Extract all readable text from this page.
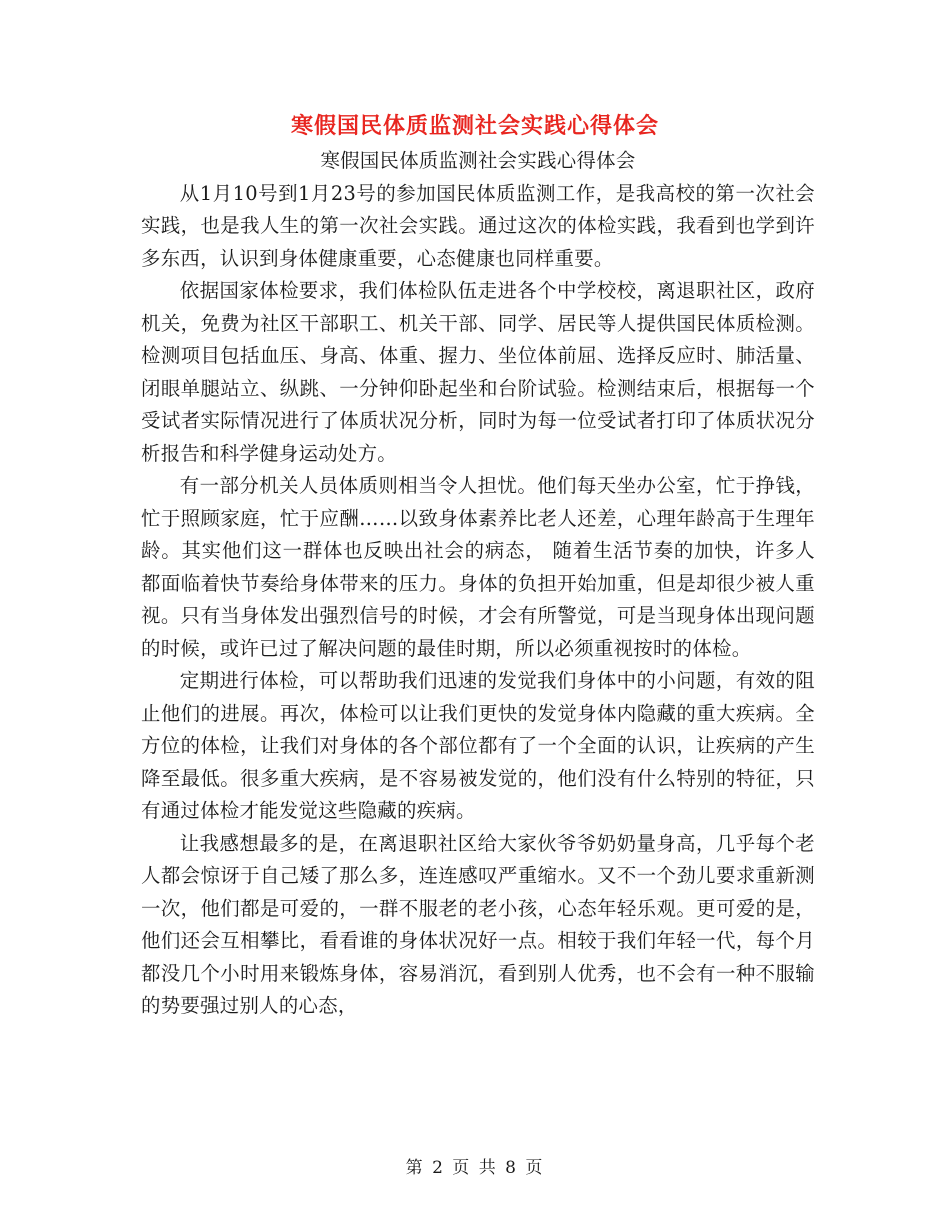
寒假国民体质监测社会实践心得体会

寒假国民体质监测社会实践心得体会

从1月10号到1月23号的参加国民体质监测工作，是我高校的第一次社会实践，也是我人生的第一次社会实践。通过这次的体检实践，我看到也学到许多东西，认识到身体健康重要，心态健康也同样重要。

依据国家体检要求，我们体检队伍走进各个中学校校，离退职社区，政府机关，免费为社区干部职工、机关干部、同学、居民等人提供国民体质检测。检测项目包括血压、身高、体重、握力、坐位体前屈、选择反应时、肺活量、闭眼单腿站立、纵跳、一分钟仰卧起坐和台阶试验。检测结束后，根据每一个受试者实际情况进行了体质状况分析，同时为每一位受试者打印了体质状况分析报告和科学健身运动处方。

有一部分机关人员体质则相当令人担忧。他们每天坐办公室，忙于挣钱，忙于照顾家庭，忙于应酬……以致身体素养比老人还差，心理年龄高于生理年龄。其实他们这一群体也反映出社会的病态， 随着生活节奏的加快，许多人都面临着快节奏给身体带来的压力。身体的负担开始加重，但是却很少被人重视。只有当身体发出强烈信号的时候，才会有所警觉，可是当现身体出现问题的时候，或许已过了解决问题的最佳时期，所以必须重视按时的体检。

定期进行体检，可以帮助我们迅速的发觉我们身体中的小问题，有效的阻止他们的进展。再次，体检可以让我们更快的发觉身体内隐藏的重大疾病。全方位的体检，让我们对身体的各个部位都有了一个全面的认识，让疾病的产生降至最低。很多重大疾病，是不容易被发觉的，他们没有什么特别的特征，只有通过体检才能发觉这些隐藏的疾病。

让我感想最多的是，在离退职社区给大家伙爷爷奶奶量身高，几乎每个老人都会惊讶于自己矮了那么多，连连感叹严重缩水。又不一个劲儿要求重新测一次，他们都是可爱的，一群不服老的老小孩，心态年轻乐观。更可爱的是，他们还会互相攀比，看看谁的身体状况好一点。相较于我们年轻一代，每个月都没几个小时用来锻炼身体，容易消沉，看到别人优秀，也不会有一种不服输的势要强过别人的心态，

第 2 页 共 8 页
